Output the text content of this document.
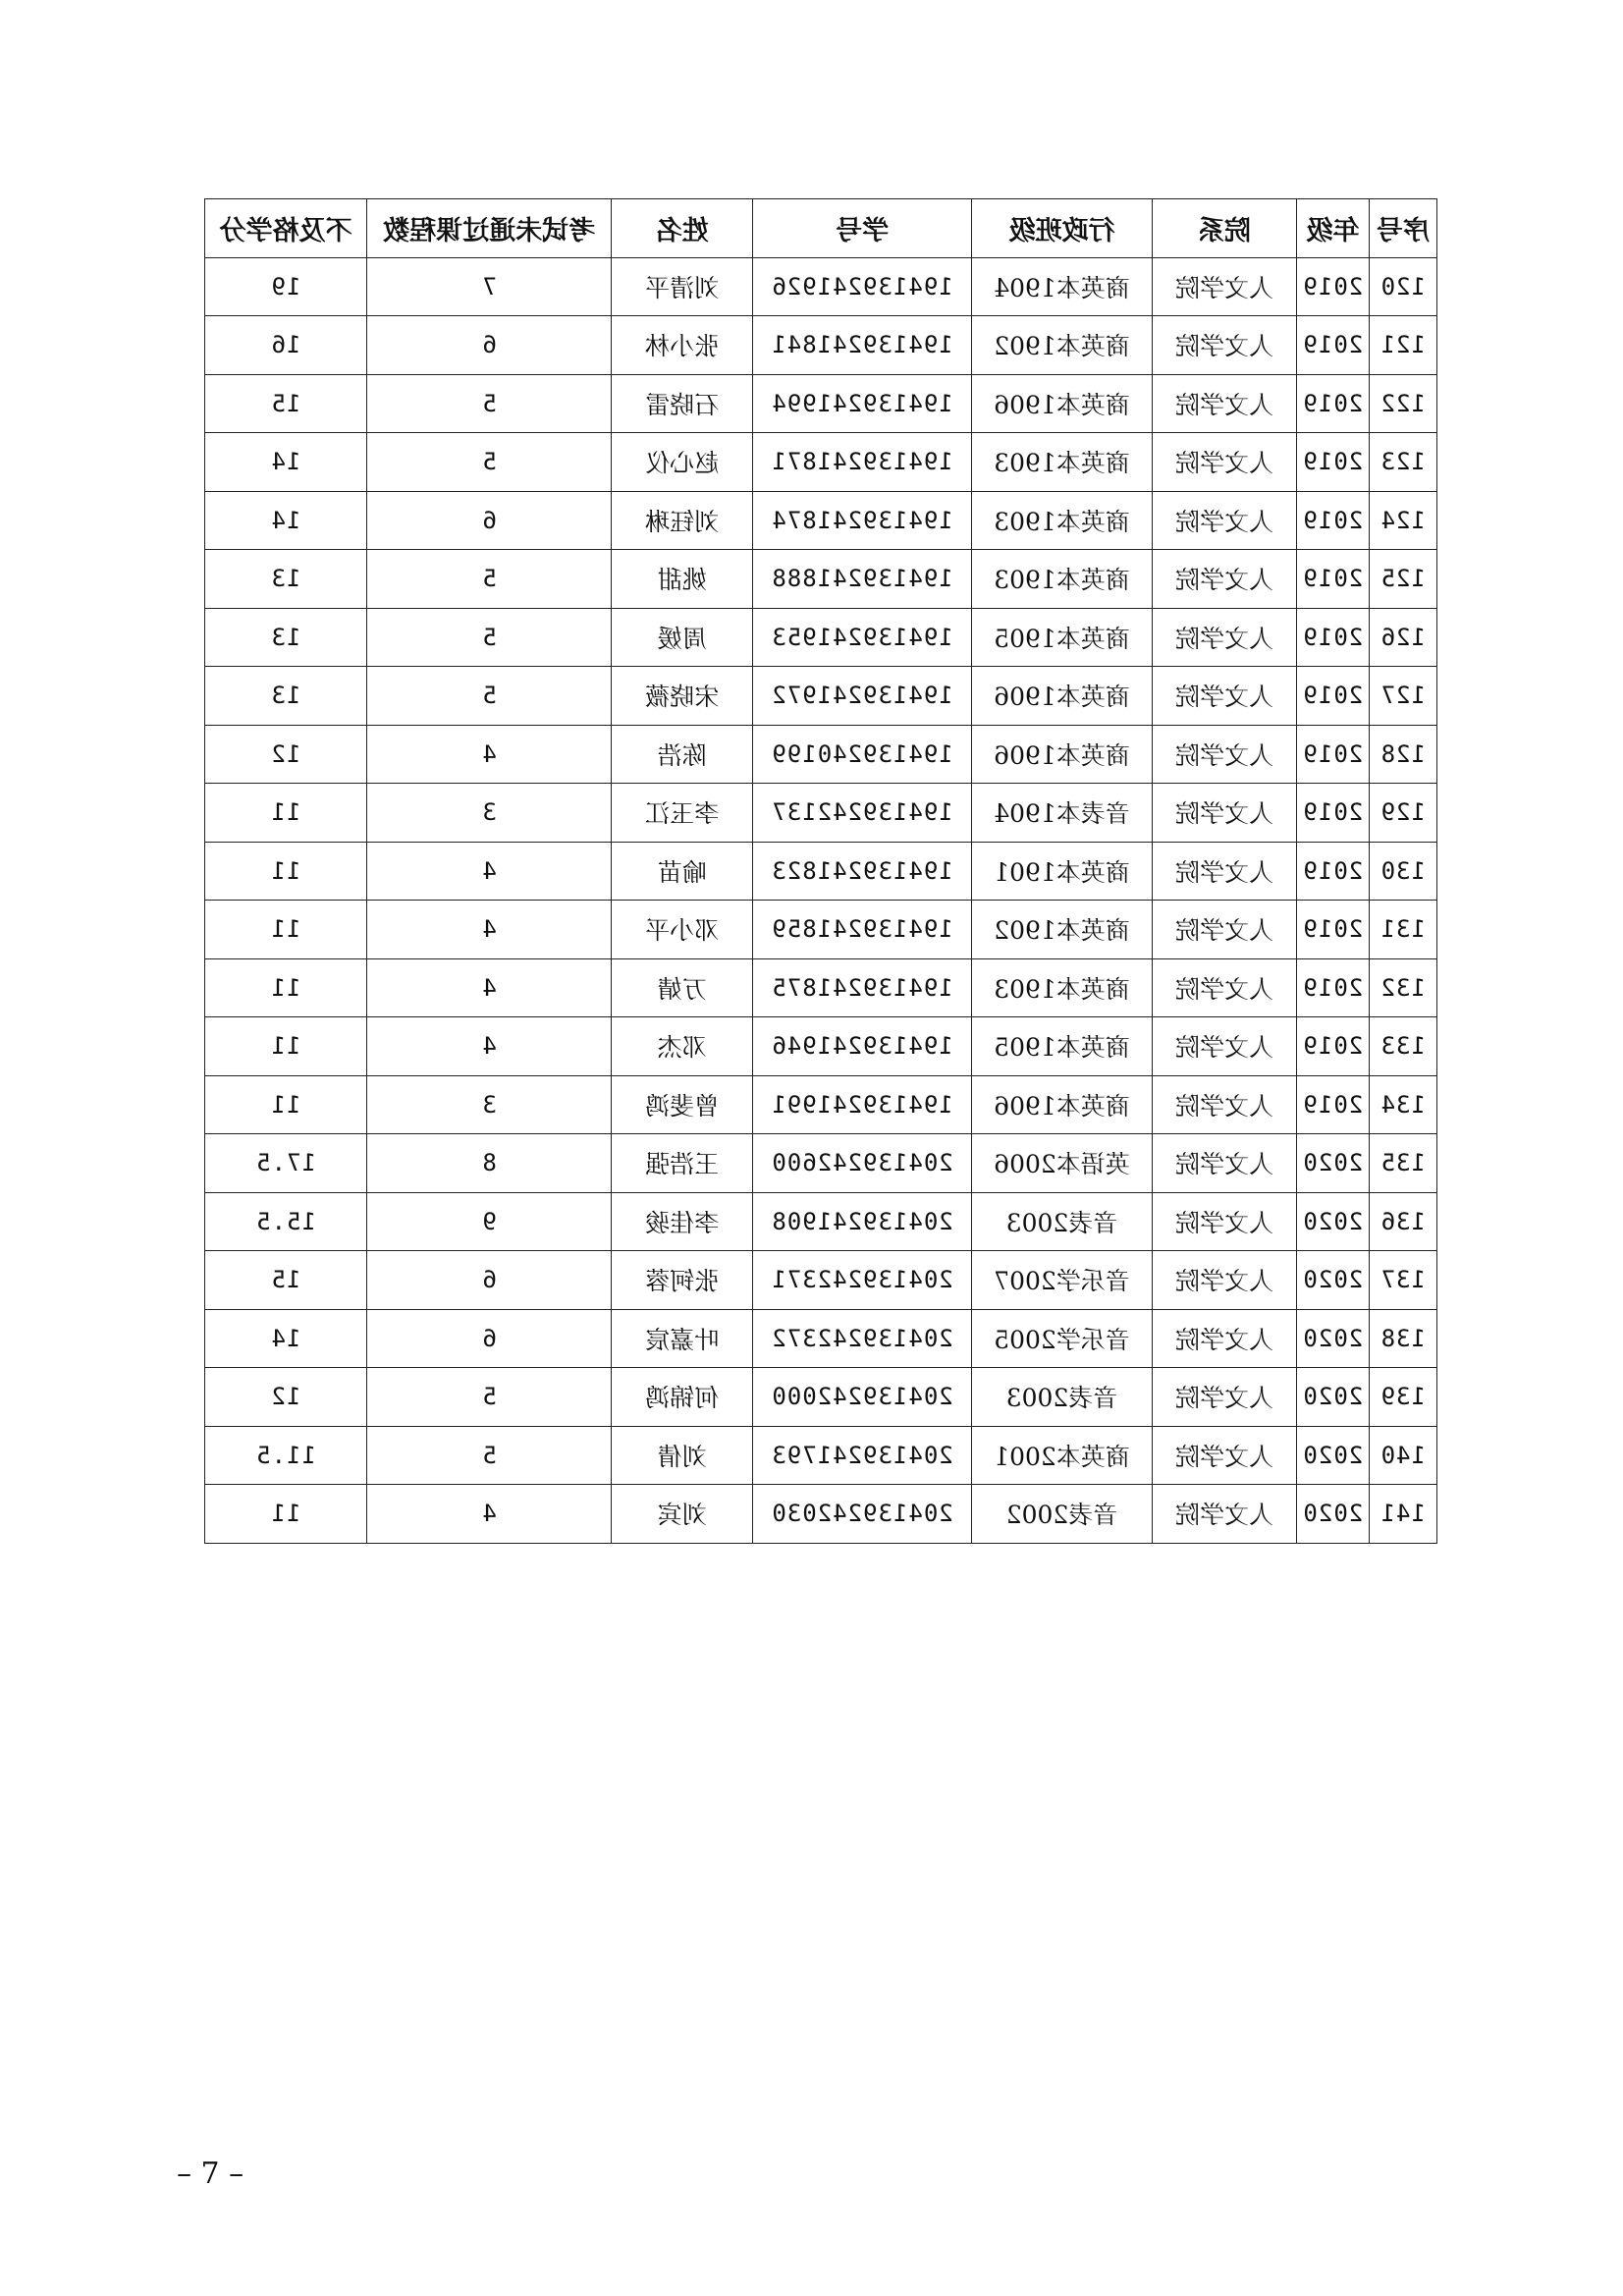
序号	年级	院系	行政班级	学号	姓名	考试未通过课程数	不及格学分
120	2019	人文学院	商英本1904	194139241926	刘清平	7	19
121	2019	人文学院	商英本1902	194139241841	张小林	6	16
122	2019	人文学院	商英本1906	194139241994	石晓雷	5	15
123	2019	人文学院	商英本1903	194139241871	赵心仪	5	14
124	2019	人文学院	商英本1903	194139241874	刘钰琳	6	14
125	2019	人文学院	商英本1903	194139241888	姚甜	5	13
126	2019	人文学院	商英本1905	194139241953	周媛	5	13
127	2019	人文学院	商英本1906	194139241972	宋晓薇	5	13
128	2019	人文学院	商英本1906	194139240199	陈浩	4	12
129	2019	人文学院	音表本1904	194139242137	李玉江	3	11
130	2019	人文学院	商英本1901	194139241823	喻苗	4	11
131	2019	人文学院	商英本1902	194139241859	邓小平	4	11
132	2019	人文学院	商英本1903	194139241875	万婧	4	11
133	2019	人文学院	商英本1905	194139241946	邓杰	4	11
134	2019	人文学院	商英本1906	194139241991	曾斐鸿	3	11
135	2020	人文学院	英语本2006	204139242600	王浩强	8	17.5
136	2020	人文学院	音表2003	204139241908	李佳骏	9	15.5
137	2020	人文学院	音乐学2007	204139242371	张钶蓉	6	15
138	2020	人文学院	音乐学2005	204139242372	叶嘉宸	6	14
139	2020	人文学院	音表2003	204139242000	何锦鸿	5	12
140	2020	人文学院	商英本2001	204139241793	刘倩	5	11.5
141	2020	人文学院	音表2002	204139242030	刘宾	4	11
– 7 –
